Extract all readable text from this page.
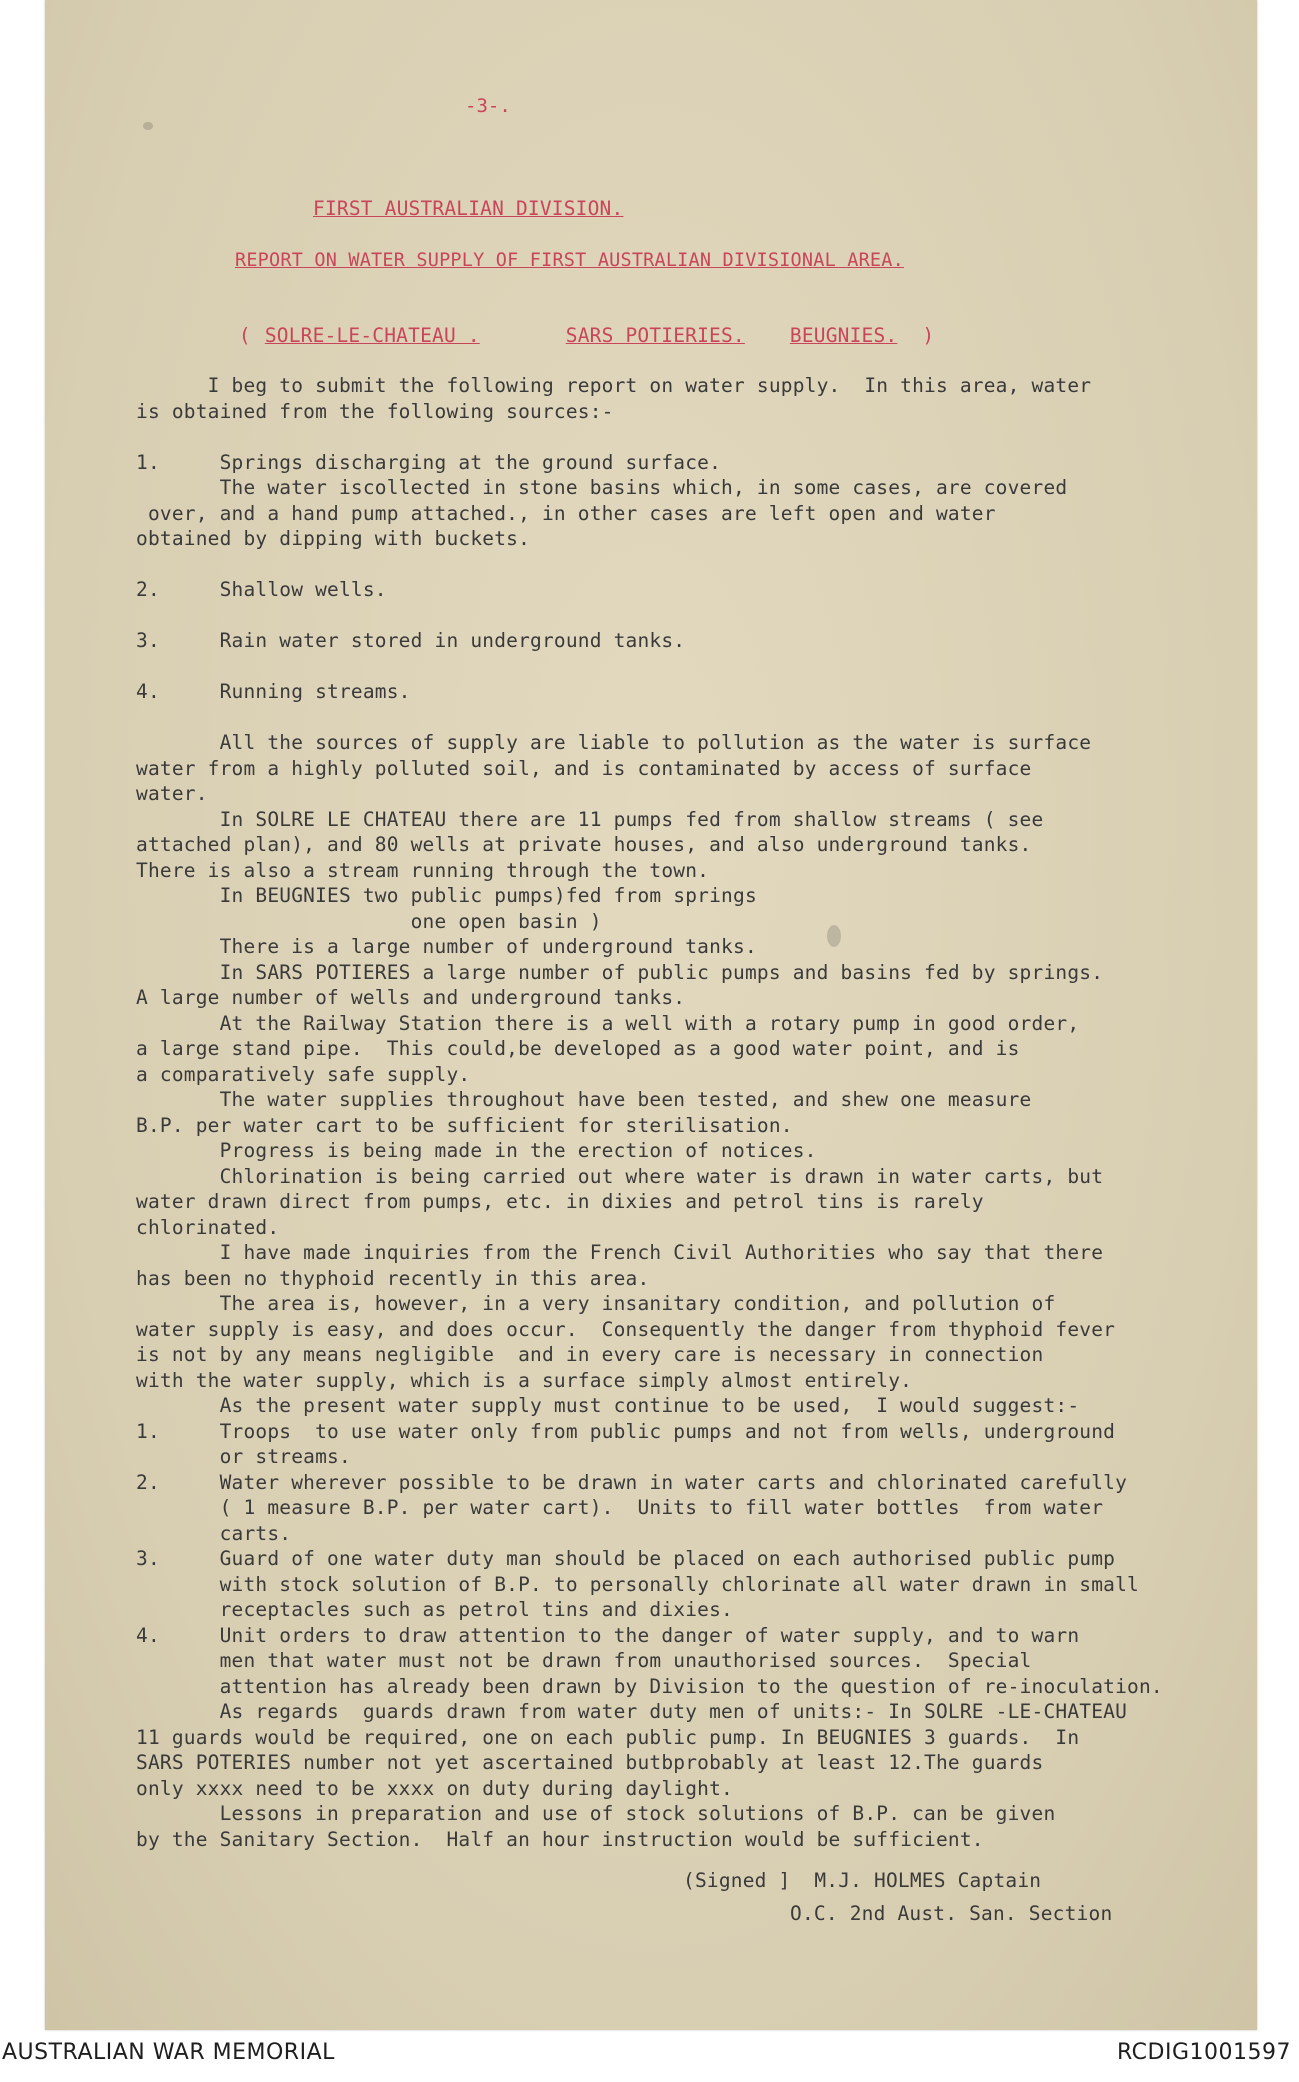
-3-.
FIRST AUSTRALIAN DIVISION.
REPORT ON WATER SUPPLY OF FIRST AUSTRALIAN DIVISIONAL AREA.

( SOLRE-LE-CHATEAU .	SARS POTIERIES. BEUGNIES. )

I beg to submit the following report on water supply.  In this area, water
is obtained from the following sources:-
1.     Springs discharging at the ground surface.
The water iscollected in stone basins which, in some cases, are covered
over, and a hand pump attached., in other cases are left open and water
obtained by dipping with buckets.
2.     Shallow wells.
3.     Rain water stored in underground tanks.
4.     Running streams.
All the sources of supply are liable to pollution as the water is surface
water from a highly polluted soil, and is contaminated by access of surface
water.
In SOLRE LE CHATEAU there are 11 pumps fed from shallow streams ( see
attached plan), and 80 wells at private houses, and also underground tanks.
There is also a stream running through the town.
In BEUGNIES two public pumps)fed from springs
one open basin )
There is a large number of underground tanks.
In SARS POTIERES a large number of public pumps and basins fed by springs.
A large number of wells and underground tanks.
At the Railway Station there is a well with a rotary pump in good order,
a large stand pipe.  This could,be developed as a good water point, and is
a comparatively safe supply.
The water supplies throughout have been tested, and shew one measure
B.P. per water cart to be sufficient for sterilisation.
Progress is being made in the erection of notices.
Chlorination is being carried out where water is drawn in water carts, but
water drawn direct from pumps, etc. in dixies and petrol tins is rarely
chlorinated.
I have made inquiries from the French Civil Authorities who say that there
has been no thyphoid recently in this area.
The area is, however, in a very insanitary condition, and pollution of
water supply is easy, and does occur.  Consequently the danger from thyphoid fever
is not by any means negligible  and in every care is necessary in connection
with the water supply, which is a surface simply almost entirely.
As the present water supply must continue to be used,  I would suggest:-
1.     Troops  to use water only from public pumps and not from wells, underground
or streams.
2.     Water wherever possible to be drawn in water carts and chlorinated carefully
( 1 measure B.P. per water cart).  Units to fill water bottles  from water
carts.
3.     Guard of one water duty man should be placed on each authorised public pump
with stock solution of B.P. to personally chlorinate all water drawn in small
receptacles such as petrol tins and dixies.
4.     Unit orders to draw attention to the danger of water supply, and to warn
men that water must not be drawn from unauthorised sources.  Special
attention has already been drawn by Division to the question of re-inoculation.
As regards  guards drawn from water duty men of units:- In SOLRE -LE-CHATEAU
11 guards would be required, one on each public pump. In BEUGNIES 3 guards.  In
SARS POTERIES number not yet ascertained butbprobably at least 12.The guards
only xxxx need to be xxxx on duty during daylight.
Lessons in preparation and use of stock solutions of B.P. can be given
by the Sanitary Section.  Half an hour instruction would be sufficient.
(Signed ]  M.J. HOLMES Captain
O.C. 2nd Aust. San. Section
AUSTRALIAN WAR MEMORIAL	RCDIG1001597
